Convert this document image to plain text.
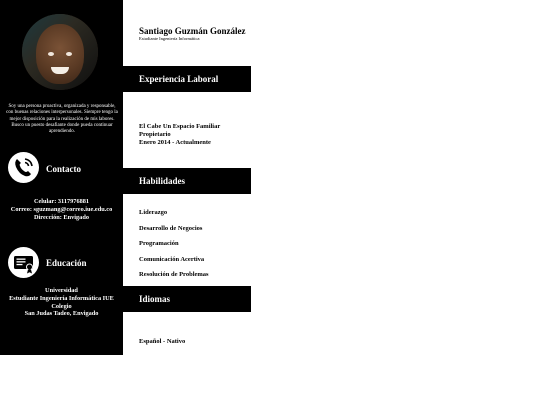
Soy una persona proactiva, organizada y responsable, con buenas relaciones interpersonales. Siempre tengo la mejor disposición para la realización de mis labores. Busco un puesto desafiante donde pueda continuar aprendiendo.
Contacto
Celular: 3117976881
Correo: sguzmang@correo.iue.edu.co
Dirección: Envigado
Educación
Universidad
Estudiante Ingeniería Informática IUE
Colegio
San Judas Tadeo, Envigado
Santiago Guzmán González
Estudiante Ingeniería Informática
Experiencia Laboral
El Cabe Un Espacio Familiar
Propietario
Enero 2014 - Actualmente
Habilidades
Liderazgo
Desarrollo de Negocios
Programación
Comunicación Acertiva
Resolución de Problemas
Idiomas
Español - Nativo
